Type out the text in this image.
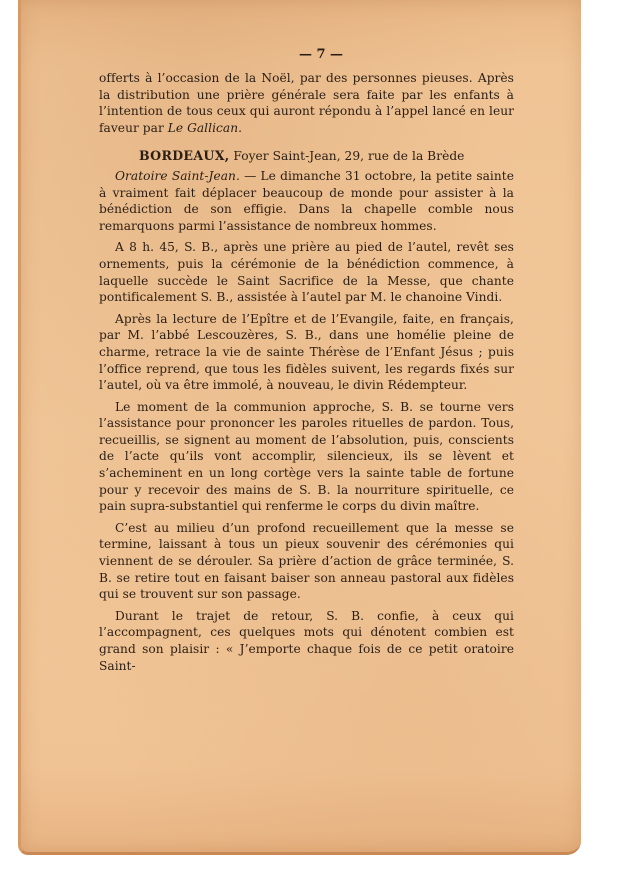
— 7 —

offerts à l’occasion de la Noël, par des personnes pieuses. Après la distribution une prière générale sera faite par les enfants à l’intention de tous ceux qui auront répondu à l’appel lancé en leur faveur par Le Gallican.

BORDEAUX, Foyer Saint-Jean, 29, rue de la Brède

Oratoire Saint-Jean. — Le dimanche 31 octobre, la petite sainte à vraiment fait déplacer beaucoup de monde pour assister à la bénédiction de son effigie. Dans la chapelle comble nous remarquons parmi l’assistance de nombreux hommes.

A 8 h. 45, S. B., après une prière au pied de l’autel, revêt ses ornements, puis la cérémonie de la bénédiction commence, à laquelle succède le Saint Sacrifice de la Messe, que chante pontificalement S. B., assistée à l’autel par M. le chanoine Vindi.

Après la lecture de l’Epître et de l’Evangile, faite, en français, par M. l’abbé Lescouzères, S. B., dans une homélie pleine de charme, retrace la vie de sainte Thérèse de l’Enfant Jésus ; puis l’office reprend, que tous les fidèles suivent, les regards fixés sur l’autel, où va être immolé, à nouveau, le divin Rédempteur.

Le moment de la communion approche, S. B. se tourne vers l’assistance pour prononcer les paroles rituelles de pardon. Tous, recueillis, se signent au moment de l’absolution, puis, conscients de l’acte qu’ils vont accomplir, silencieux, ils se lèvent et s’acheminent en un long cortège vers la sainte table de fortune pour y recevoir des mains de S. B. la nourriture spirituelle, ce pain supra-substantiel qui renferme le corps du divin maître.

C’est au milieu d’un profond recueillement que la messe se termine, laissant à tous un pieux souvenir des cérémonies qui viennent de se dérouler. Sa prière d’action de grâce terminée, S. B. se retire tout en faisant baiser son anneau pastoral aux fidèles qui se trouvent sur son passage.

Durant le trajet de retour, S. B. confie, à ceux qui l’accompagnent, ces quelques mots qui dénotent combien est grand son plaisir : « J’emporte chaque fois de ce petit oratoire Saint-
